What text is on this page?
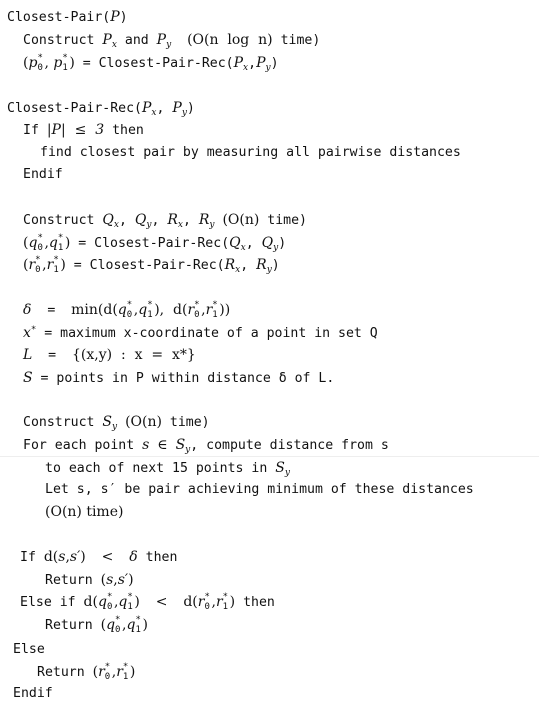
Closest-Pair(P)
Construct $P_x$ and $P_y$ (O(n  log  n) time)
(p *
0 , p *
1 ) = Closest-$Pair-Rec(P_x,P_y)$
Closest-$Pair-Rec(P_x$, $P_y$)
If |P|  ≤  3 then
find closest pair by measuring all pairwise distances
Endif
Construct $Q_x$, $Q_y$, $R_x$, $R_y$ (O(n) time)
(q *
0 ,q *
1 ) = Closest-$Pair-Rec(Q_x$, $Q_y$)
(r *
0 ,r *
1 ) = Closest-$Pair-Rec(R_x$, $R_y$)
δ  =  min(d(q *
0 ,q *
1 ),  d(r *
0 ,r *
1 ))
x* = maximum x-coordinate of a point in set Q
L  =  {(x,y)  :  x  =  x*}
S = points in P within distance δ of L.
Construct $S_y$ (O(n) time)
For each point s ∈ $S_y$, compute distance from s
to each of next 15 points in $S_y$
Let s, s′ be pair achieving minimum of these distances
(O(n) time)
If d(s,s′) < δ then
Return (s,s′)
Else if d(q *
0 ,q *
1 ) < d(r *
0 ,r *
1 ) then
Return (q *
0 ,q *
1 )
Else
Return (r *
0 ,r *
1 )
Endif
